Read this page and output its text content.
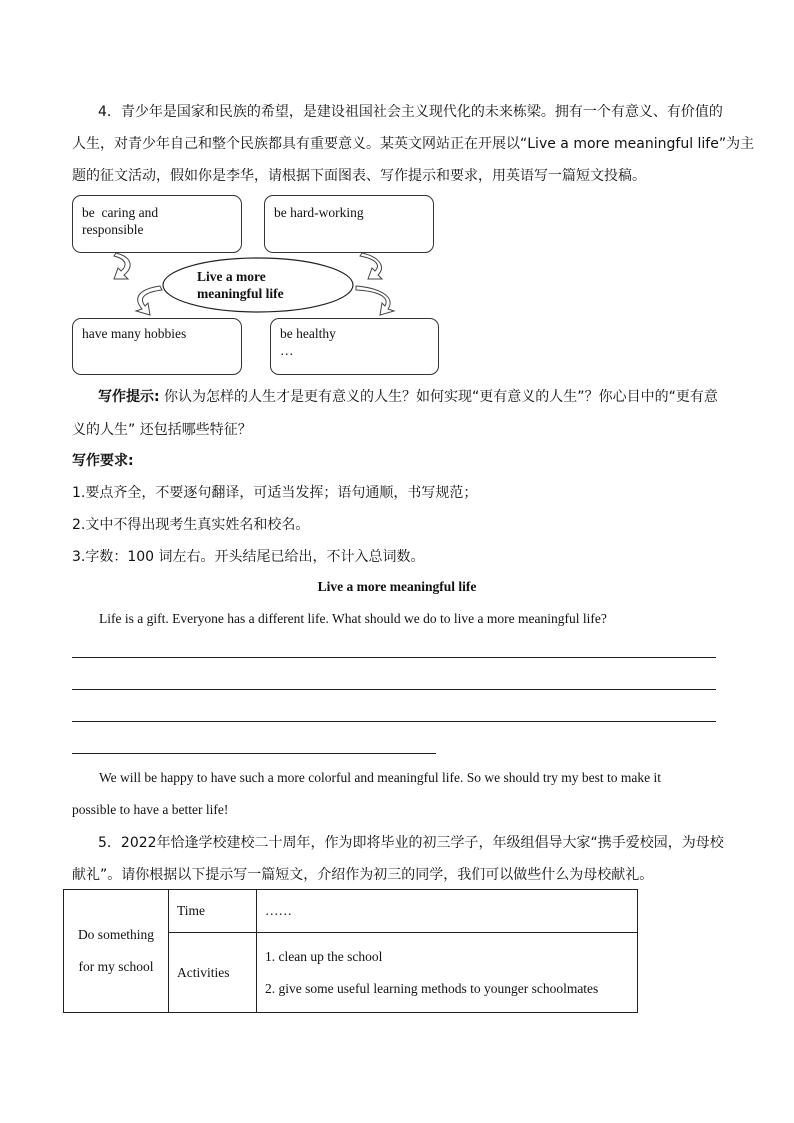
4．青少年是国家和民族的希望，是建设祖国社会主义现代化的未来栋梁。拥有一个有意义、有价值的
人生，对青少年自己和整个民族都具有重要意义。某英文网站正在开展以“Live a more meaningful life”为主
题的征文活动，假如你是李华，请根据下面图表、写作提示和要求，用英语写一篇短文投稿。
be  caring and
responsible
be hard-working
have many hobbies	be healthy
…
Live a more
meaningful life
写作提示: 你认为怎样的人生才是更有意义的人生？如何实现“更有意义的人生”？你心目中的“更有意
义的人生” 还包括哪些特征？
写作要求:
1.要点齐全，不要逐句翻译，可适当发挥；语句通顺，书写规范；
2.文中不得出现考生真实姓名和校名。
3.字数：100 词左右。开头结尾已给出，不计入总词数。
Live a more meaningful life
Life is a gift. Everyone has a different life. What should we do to live a more meaningful life?
We will be happy to have such a more colorful and meaningful life. So we should try my best to make it
possible to have a better life!
5．2022年恰逢学校建校二十周年，作为即将毕业的初三学子，年级组倡导大家“携手爱校园，为母校
献礼”。请你根据以下提示写一篇短文，介绍作为初三的同学，我们可以做些什么为母校献礼。
Do something
for my school	Time	……
	Activities	1. clean up the school
2. give some useful learning methods to younger schoolmates
